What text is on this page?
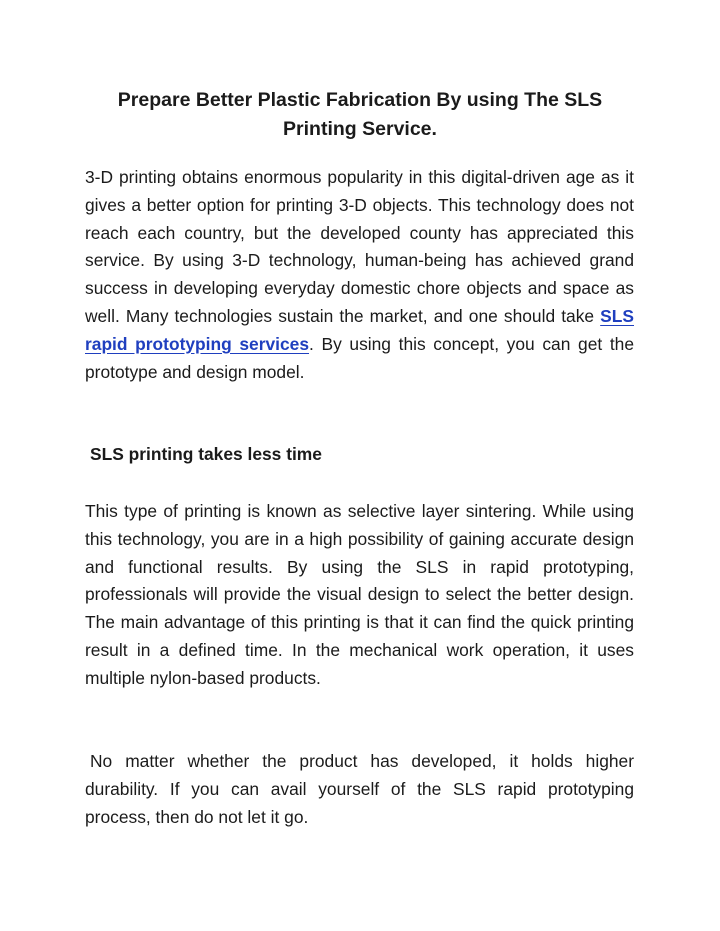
Prepare Better Plastic Fabrication By using The SLS Printing Service.

3-D printing obtains enormous popularity in this digital-driven age as it gives a better option for printing 3-D objects. This technology does not reach each country, but the developed county has appreciated this service. By using 3-D technology, human-being has achieved grand success in developing everyday domestic chore objects and space as well. Many technologies sustain the market, and one should take SLS rapid prototyping services. By using this concept, you can get the prototype and design model.

SLS printing takes less time

This type of printing is known as selective layer sintering. While using this technology, you are in a high possibility of gaining accurate design and functional results. By using the SLS in rapid prototyping, professionals will provide the visual design to select the better design. The main advantage of this printing is that it can find the quick printing result in a defined time. In the mechanical work operation, it uses multiple nylon-based products.

No matter whether the product has developed, it holds higher durability. If you can avail yourself of the SLS rapid prototyping process, then do not let it go.
